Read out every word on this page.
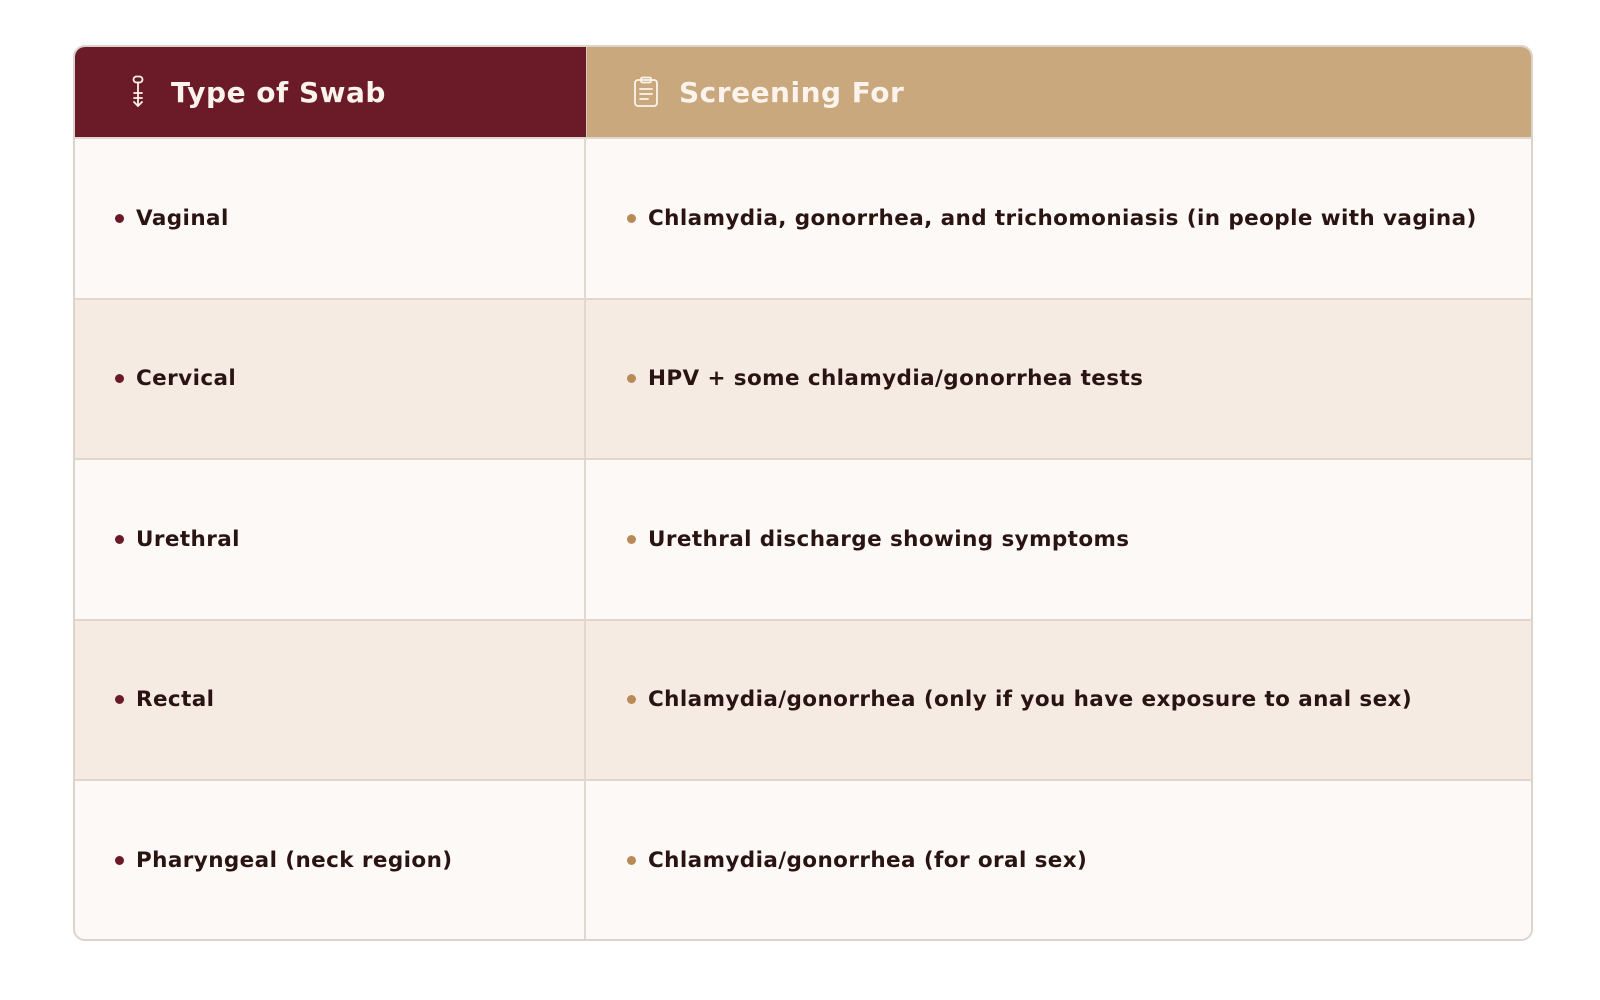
Type of Swab	Screening For
Vaginal	Chlamydia, gonorrhea, and trichomoniasis (in people with vagina)
Cervical	HPV + some chlamydia/gonorrhea tests
Urethral	Urethral discharge showing symptoms
Rectal	Chlamydia/gonorrhea (only if you have exposure to anal sex)
Pharyngeal (neck region)	Chlamydia/gonorrhea (for oral sex)
